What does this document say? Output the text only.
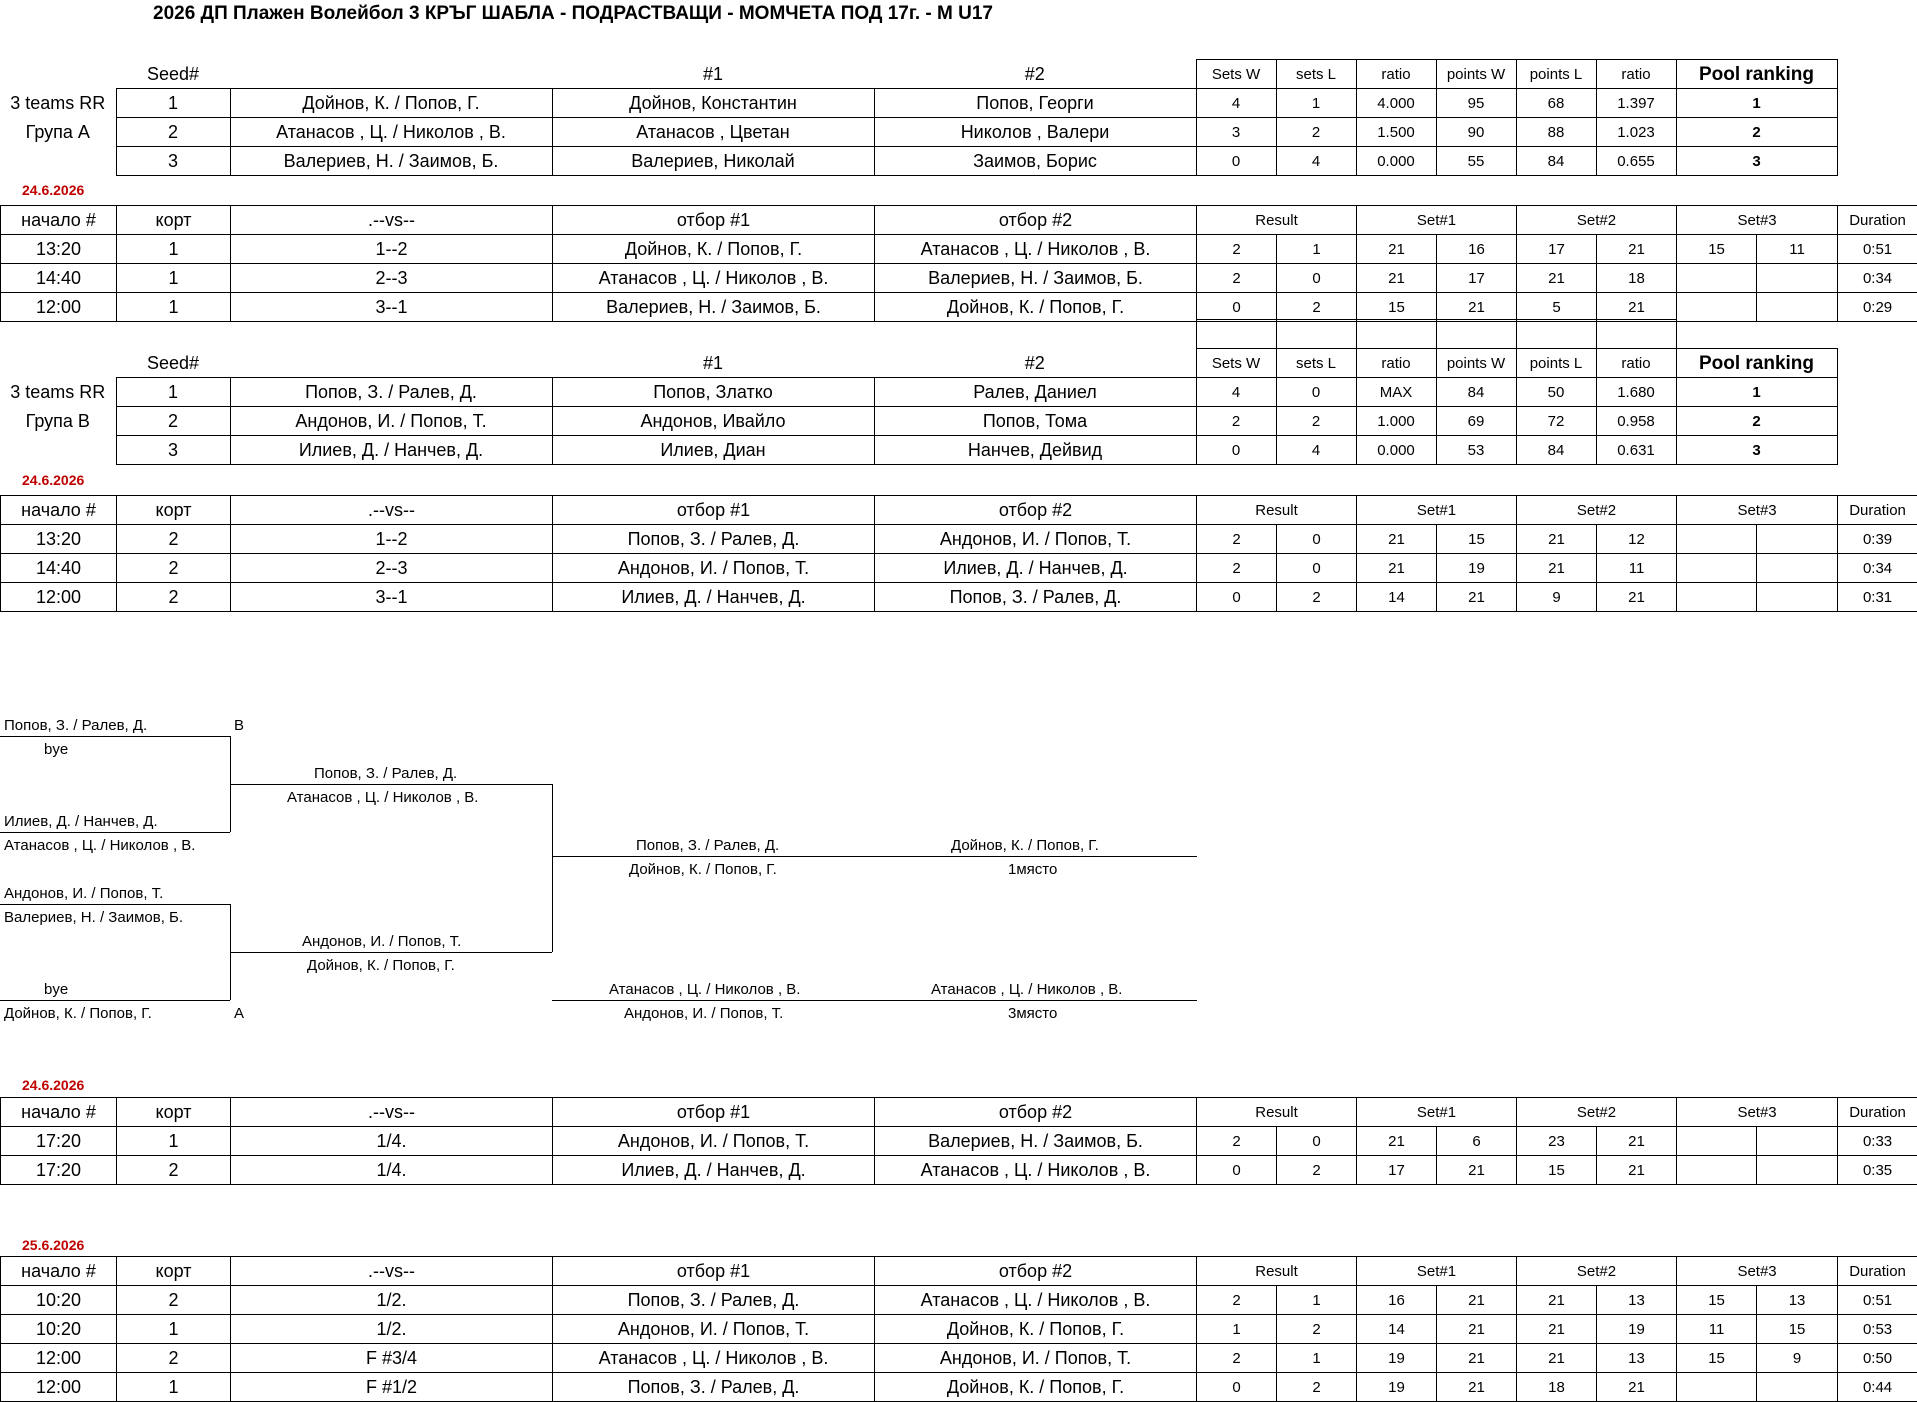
2026 ДП Плажен Волейбол 3 КРЪГ ШАБЛА - ПОДРАСТВАЩИ - МОМЧЕТА ПОД 17г. - M U17
	Seed#		#1	#2	Sets W	sets L	ratio	points W	points L	ratio	Pool ranking
3 teams RR	1	Дойнов, К. / Попов, Г.	Дойнов, Константин	Попов, Георги	4	1	4.000	95	68	1.397	1
Група А	2	Атанасов , Ц. / Николов , В.	Атанасов , Цветан	Николов , Валери	3	2	1.500	90	88	1.023	2
	3	Валериев, Н. / Заимов, Б.	Валериев, Николай	Заимов, Борис	0	4	0.000	55	84	0.655	3
24.6.2026
начало #	корт	.--vs--	отбор #1	отбор #2	Result		Set#1		Set#2		Set#3		Duration
13:20	1	1--2	Дойнов, К. / Попов, Г.	Атанасов , Ц. / Николов , В.	2	1	21	16	17	21	15	11	0:51
14:40	1	2--3	Атанасов , Ц. / Николов , В.	Валериев, Н. / Заимов, Б.	2	0	21	17	21	18			0:34
12:00	1	3--1	Валериев, Н. / Заимов, Б.	Дойнов, К. / Попов, Г.	0	2	15	21	5	21			0:29

	Seed#		#1	#2	Sets W	sets L	ratio	points W	points L	ratio	Pool ranking
3 teams RR	1	Попов, З. / Ралев, Д.	Попов, Златко	Ралев, Даниел	4	0	MAX	84	50	1.680	1
Група В	2	Андонов, И. / Попов, Т.	Андонов, Ивайло	Попов, Тома	2	2	1.000	69	72	0.958	2
	3	Илиев, Д. / Нанчев, Д.	Илиев, Диан	Нанчев, Дейвид	0	4	0.000	53	84	0.631	3
24.6.2026
начало #	корт	.--vs--	отбор #1	отбор #2	Result		Set#1		Set#2		Set#3		Duration
13:20	2	1--2	Попов, З. / Ралев, Д.	Андонов, И. / Попов, Т.	2	0	21	15	21	12			0:39
14:40	2	2--3	Андонов, И. / Попов, Т.	Илиев, Д. / Нанчев, Д.	2	0	21	19	21	11			0:34
12:00	2	3--1	Илиев, Д. / Нанчев, Д.	Попов, З. / Ралев, Д.	0	2	14	21	9	21			0:31
Попов, З. / Ралев, Д.	B
bye
Илиев, Д. / Нанчев, Д.
Атанасов , Ц. / Николов , В.
Андонов, И. / Попов, Т.
Валериев, Н. / Заимов, Б.
bye
Дойнов, К. / Попов, Г.	A
Попов, З. / Ралев, Д.
Атанасов , Ц. / Николов , В.
Андонов, И. / Попов, Т.
Дойнов, К. / Попов, Г.
Попов, З. / Ралев, Д.
Дойнов, К. / Попов, Г.
Дойнов, К. / Попов, Г.
1място
Атанасов , Ц. / Николов , В.
Андонов, И. / Попов, Т.
Атанасов , Ц. / Николов , В.
3място
24.6.2026
начало #	корт	.--vs--	отбор #1	отбор #2	Result		Set#1		Set#2		Set#3		Duration
17:20	1	1/4.	Андонов, И. / Попов, Т.	Валериев, Н. / Заимов, Б.	2	0	21	6	23	21			0:33
17:20	2	1/4.	Илиев, Д. / Нанчев, Д.	Атанасов , Ц. / Николов , В.	0	2	17	21	15	21			0:35
25.6.2026
начало #	корт	.--vs--	отбор #1	отбор #2	Result		Set#1		Set#2		Set#3		Duration
10:20	2	1/2.	Попов, З. / Ралев, Д.	Атанасов , Ц. / Николов , В.	2	1	16	21	21	13	15	13	0:51
10:20	1	1/2.	Андонов, И. / Попов, Т.	Дойнов, К. / Попов, Г.	1	2	14	21	21	19	11	15	0:53
12:00	2	F #3/4	Атанасов , Ц. / Николов , В.	Андонов, И. / Попов, Т.	2	1	19	21	21	13	15	9	0:50
12:00	1	F #1/2	Попов, З. / Ралев, Д.	Дойнов, К. / Попов, Г.	0	2	19	21	18	21			0:44
